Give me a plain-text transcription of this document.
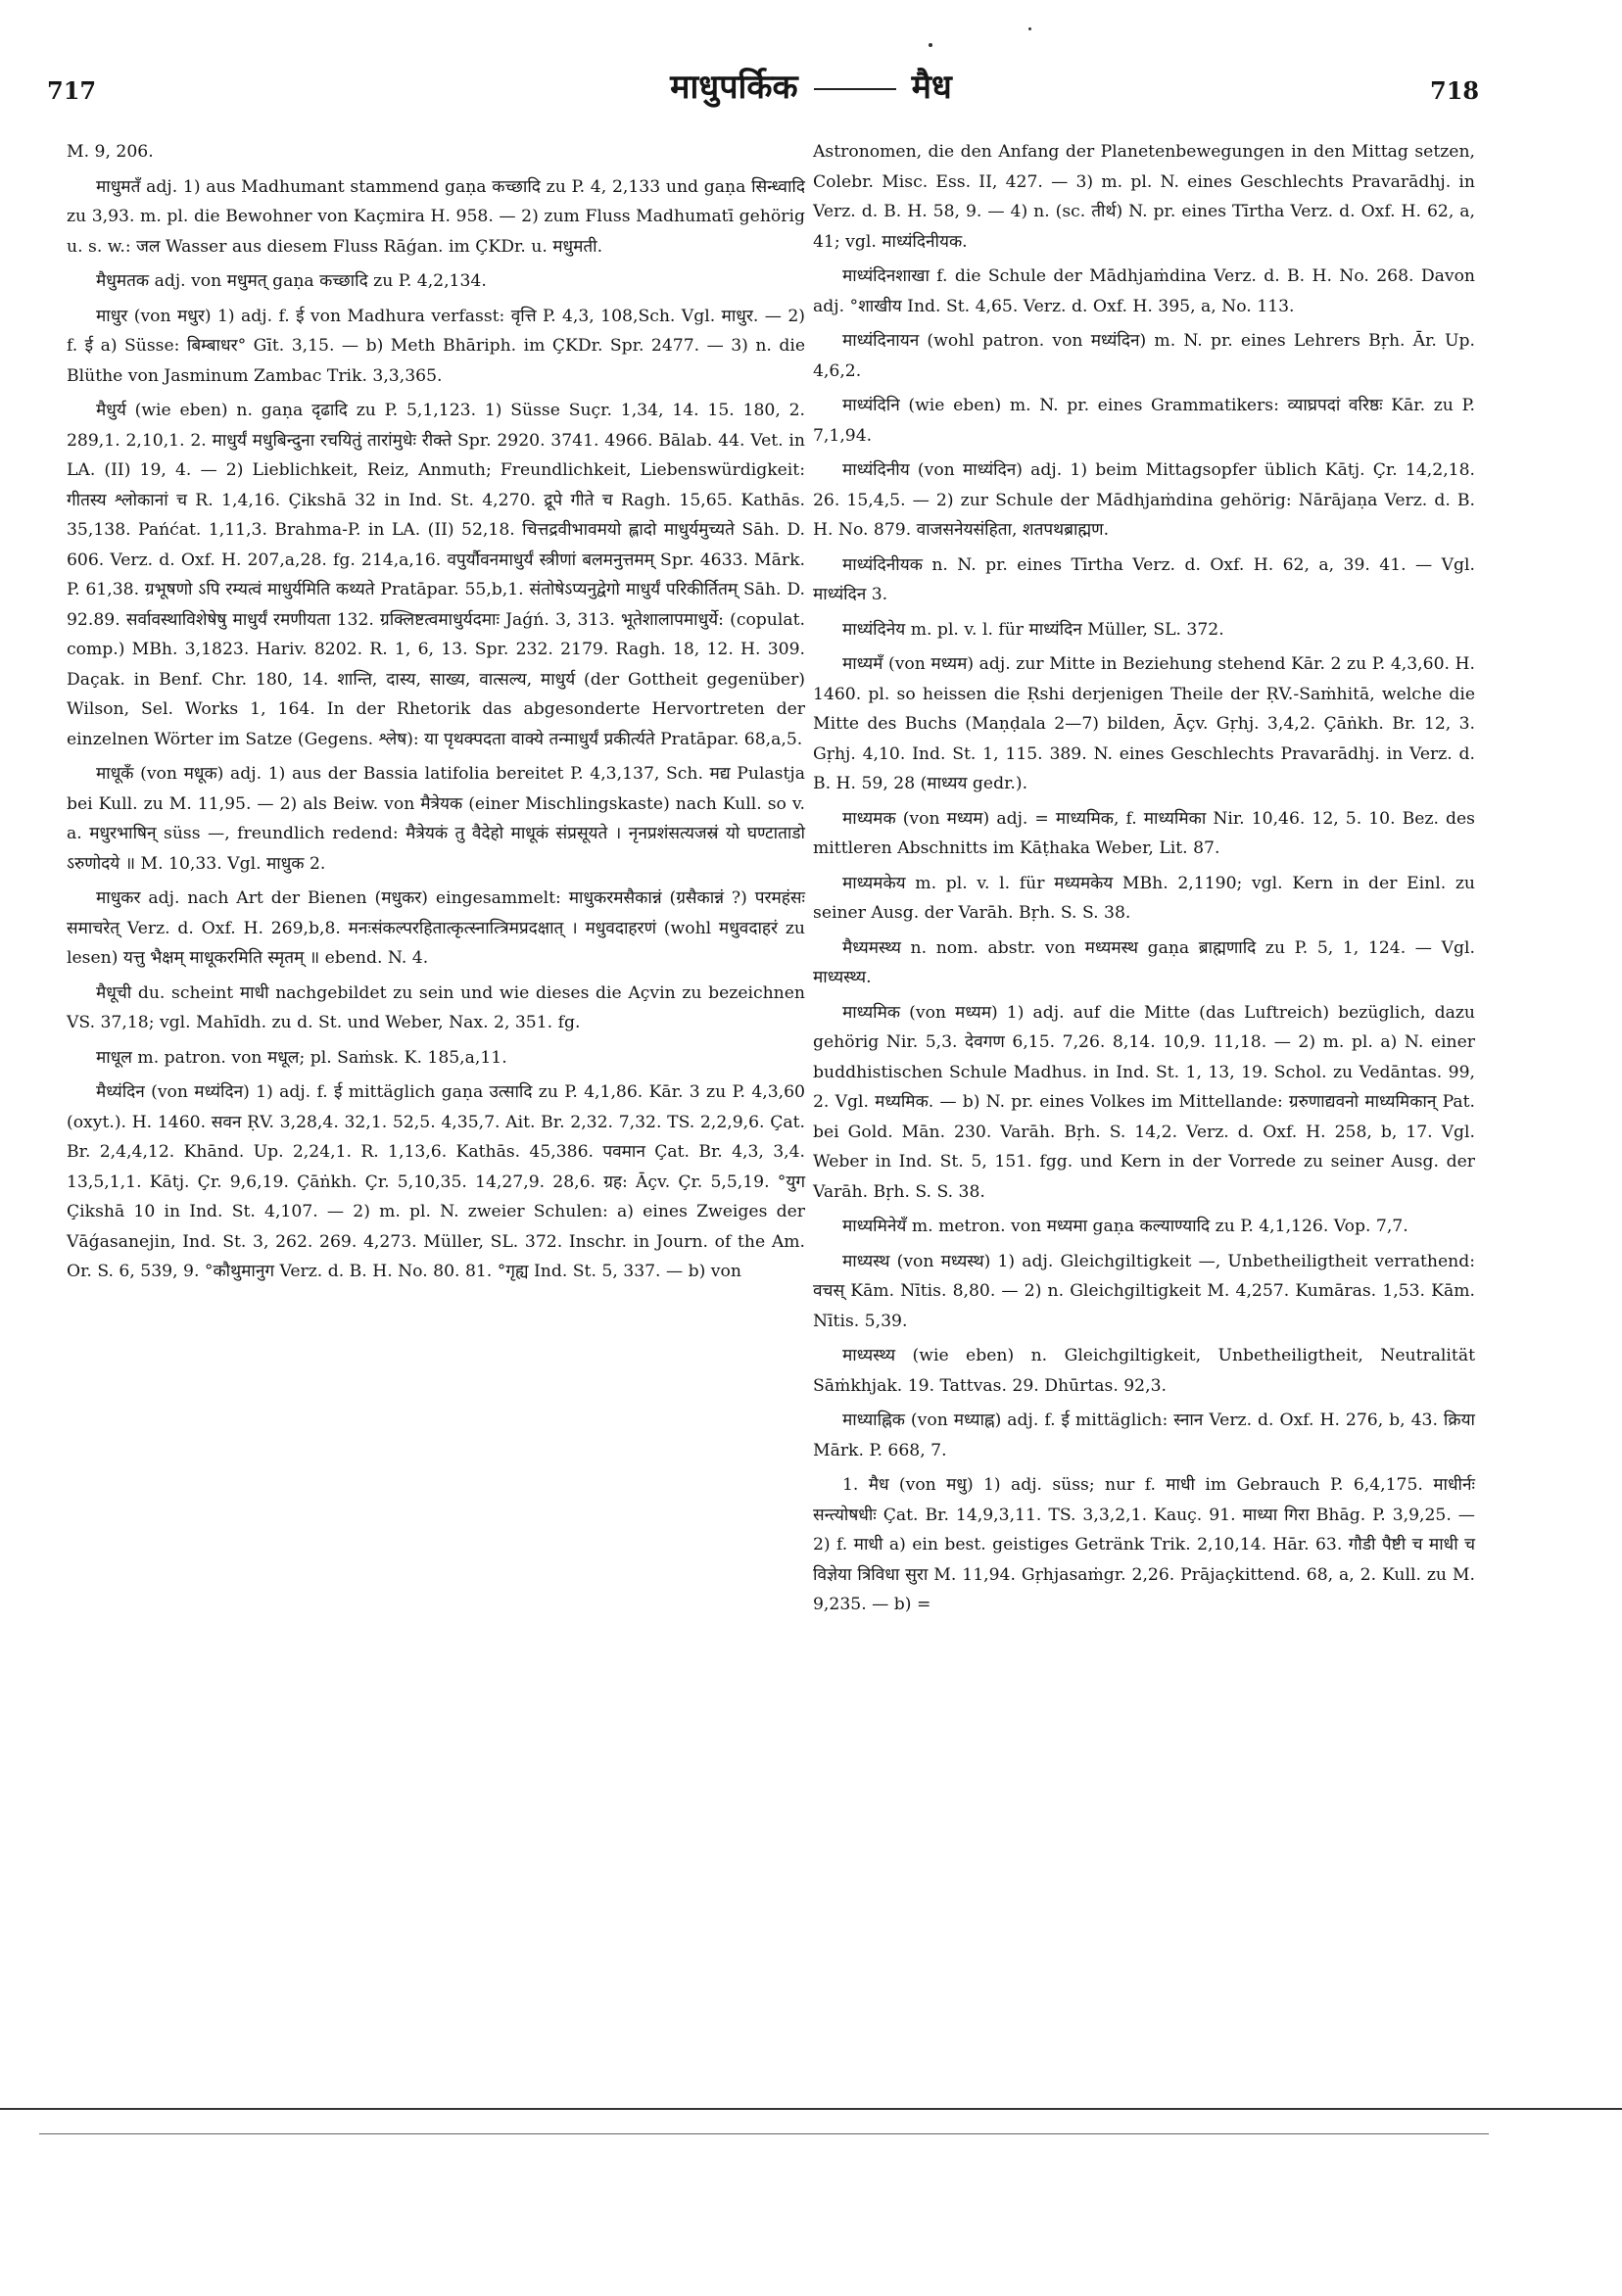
717	माधुपर्किक	मैध	718

M. 9, 206.

माधुमतँ adj. 1) aus Madhumant stammend gaṇa कच्छादि zu P. 4, 2,133 und gaṇa सिन्ध्वादि zu 3,93. m. pl. die Bewohner von Kaçmira H. 958. — 2) zum Fluss Madhumatī gehörig u. s. w.: जल Wasser aus diesem Fluss Rāǵan. im ÇKDr. u. मधुमती.

मैधुमतक adj. von मधुमत् gaṇa कच्छादि zu P. 4,2,134.

माधुर (von मधुर) 1) adj. f. ई von Madhura verfasst: वृत्ति P. 4,3, 108,Sch. Vgl. माधुर. — 2) f. ई a) Süsse: बिम्बाधर° Gīt. 3,15. — b) Meth Bhāriph. im ÇKDr. Spr. 2477. — 3) n. die Blüthe von Jasminum Zambac Trik. 3,3,365.

मैधुर्य (wie eben) n. gaṇa दृढादि zu P. 5,1,123. 1) Süsse Suçr. 1,34, 14. 15. 180, 2. 289,1. 2,10,1. 2. माधुर्यं मधुबिन्दुना रचयितुं तारांमुधेः रीक्ते Spr. 2920. 3741. 4966. Bālab. 44. Vet. in LA. (II) 19, 4. — 2) Lieblichkeit, Reiz, Anmuth; Freundlichkeit, Liebenswürdigkeit: गीतस्य श्लोकानां च R. 1,4,16. Çikshā 32 in Ind. St. 4,270. द्रूपे गीते च Ragh. 15,65. Kathās. 35,138. Pańćat. 1,11,3. Brahma-P. in LA. (II) 52,18. चित्तद्रवीभावमयो ह्लादो माधुर्यमुच्यते Sāh. D. 606. Verz. d. Oxf. H. 207,a,28. fg. 214,a,16. वपुर्यौवनमाधुर्यं स्त्रीणां बलमनुत्तमम् Spr. 4633. Mārk. P. 61,38. ग्रभूषणो ऽपि रम्यत्वं माधुर्यमिति कथ्यते Pratāpar. 55,b,1. संतोषेऽप्यनुद्वेगो माधुर्यं परिकीर्तितम् Sāh. D. 92.89. सर्वावस्थाविशेषेषु माधुर्यं रमणीयता 132. ग्रक्लिष्टत्वमाधुर्यदमाः Jaǵń. 3, 313. भूतेशालापमाधुर्ये: (copulat. comp.) MBh. 3,1823. Hariv. 8202. R. 1, 6, 13. Spr. 232. 2179. Ragh. 18, 12. H. 309. Daçak. in Benf. Chr. 180, 14. शान्ति, दास्य, साख्य, वात्सल्य, माधुर्य (der Gottheit gegenüber) Wilson, Sel. Works 1, 164. In der Rhetorik das abgesonderte Hervortreten der einzelnen Wörter im Satze (Gegens. श्लेष): या पृथक्पदता वाक्ये तन्माधुर्यं प्रकीर्त्यते Pratāpar. 68,a,5.

माधूकँ (von मधूक) adj. 1) aus der Bassia latifolia bereitet P. 4,3,137, Sch. मद्य Pulastja bei Kull. zu M. 11,95. — 2) als Beiw. von मैत्रेयक (einer Mischlingskaste) nach Kull. so v. a. मधुरभाषिन् süss —, freundlich redend: मैत्रेयकं तु वैदेहो माधूकं संप्रसूयते । नृनप्रशंसत्यजस्रं यो घण्टाताडो ऽरुणोदये ॥ M. 10,33. Vgl. माधुक 2.

माधुकर adj. nach Art der Bienen (मधुकर) eingesammelt: माधुकरमसैकान्नं (ग्रसैकान्नं ?) परमहंसः समाचरेत् Verz. d. Oxf. H. 269,b,8. मनःसंकल्परहितात्कृत्स्नात्त्रिमप्रदक्षात् । मधुवदाहरणं (wohl मधुवदाहरं zu lesen) यत्तु भैक्षम् माधूकरमिति स्मृतम् ॥ ebend. N. 4.

मैधूची du. scheint माधी nachgebildet zu sein und wie dieses die Açvin zu bezeichnen VS. 37,18; vgl. Mahīdh. zu d. St. und Weber, Nax. 2, 351. fg.

माधूल m. patron. von मधूल; pl. Saṁsk. K. 185,a,11.

मैध्यंदिन (von मध्यंदिन) 1) adj. f. ई mittäglich gaṇa उत्सादि zu P. 4,1,86. Kār. 3 zu P. 4,3,60 (oxyt.). H. 1460. सवन ṚV. 3,28,4. 32,1. 52,5. 4,35,7. Ait. Br. 2,32. 7,32. TS. 2,2,9,6. Çat. Br. 2,4,4,12. Khānd. Up. 2,24,1. R. 1,13,6. Kathās. 45,386. पवमान Çat. Br. 4,3, 3,4. 13,5,1,1. Kātj. Çr. 9,6,19. Çāṅkh. Çr. 5,10,35. 14,27,9. 28,6. ग्रह: Āçv. Çr. 5,5,19. °युग Çikshā 10 in Ind. St. 4,107. — 2) m. pl. N. zweier Schulen: a) eines Zweiges der Vāǵasanejin, Ind. St. 3, 262. 269. 4,273. Müller, SL. 372. Inschr. in Journ. of the Am. Or. S. 6, 539, 9. °कौथुमानुग Verz. d. B. H. No. 80. 81. °गृह्य Ind. St. 5, 337. — b) von

Astronomen, die den Anfang der Planetenbewegungen in den Mittag setzen, Colebr. Misc. Ess. II, 427. — 3) m. pl. N. eines Geschlechts Pravarādhj. in Verz. d. B. H. 58, 9. — 4) n. (sc. तीर्थ) N. pr. eines Tīrtha Verz. d. Oxf. H. 62, a, 41; vgl. माध्यंदिनीयक.

माध्यंदिनशाखा f. die Schule der Mādhjaṁdina Verz. d. B. H. No. 268. Davon adj. °शाखीय Ind. St. 4,65. Verz. d. Oxf. H. 395, a, No. 113.

माध्यंदिनायन (wohl patron. von मध्यंदिन) m. N. pr. eines Lehrers Bṛh. Ār. Up. 4,6,2.

माध्यंदिनि (wie eben) m. N. pr. eines Grammatikers: व्याघ्रपदां वरिष्ठः Kār. zu P. 7,1,94.

माध्यंदिनीय (von माध्यंदिन) adj. 1) beim Mittagsopfer üblich Kātj. Çr. 14,2,18. 26. 15,4,5. — 2) zur Schule der Mādhjaṁdina gehörig: Nārājaṇa Verz. d. B. H. No. 879. वाजसनेयसंहिता, शतपथब्राह्मण.

माध्यंदिनीयक n. N. pr. eines Tīrtha Verz. d. Oxf. H. 62, a, 39. 41. — Vgl. माध्यंदिन 3.

माध्यंदिनेय m. pl. v. l. für माध्यंदिन Müller, SL. 372.

माध्यमँ (von मध्यम) adj. zur Mitte in Beziehung stehend Kār. 2 zu P. 4,3,60. H. 1460. pl. so heissen die Ṛshi derjenigen Theile der ṚV.-Saṁhitā, welche die Mitte des Buchs (Maṇḍala 2—7) bilden, Āçv. Gṛhj. 3,4,2. Çāṅkh. Br. 12, 3. Gṛhj. 4,10. Ind. St. 1, 115. 389. N. eines Geschlechts Pravarādhj. in Verz. d. B. H. 59, 28 (माध्यय gedr.).

माध्यमक (von मध्यम) adj. = माध्यमिक, f. माध्यमिका Nir. 10,46. 12, 5. 10. Bez. des mittleren Abschnitts im Kāṭhaka Weber, Lit. 87.

माध्यमकेय m. pl. v. l. für मध्यमकेय MBh. 2,1190; vgl. Kern in der Einl. zu seiner Ausg. der Varāh. Bṛh. S. S. 38.

मैध्यमस्थ्य n. nom. abstr. von मध्यमस्थ gaṇa ब्राह्मणादि zu P. 5, 1, 124. — Vgl. माध्यस्थ्य.

माध्यमिक (von मध्यम) 1) adj. auf die Mitte (das Luftreich) bezüglich, dazu gehörig Nir. 5,3. देवगण 6,15. 7,26. 8,14. 10,9. 11,18. — 2) m. pl. a) N. einer buddhistischen Schule Madhus. in Ind. St. 1, 13, 19. Schol. zu Vedāntas. 99, 2. Vgl. मध्यमिक. — b) N. pr. eines Volkes im Mittellande: ग्ररुणाद्यवनो माध्यमिकान् Pat. bei Gold. Mān. 230. Varāh. Bṛh. S. 14,2. Verz. d. Oxf. H. 258, b, 17. Vgl. Weber in Ind. St. 5, 151. fgg. und Kern in der Vorrede zu seiner Ausg. der Varāh. Bṛh. S. S. 38.

माध्यमिनेयँ m. metron. von मध्यमा gaṇa कल्याण्यादि zu P. 4,1,126. Vop. 7,7.

माध्यस्थ (von मध्यस्थ) 1) adj. Gleichgiltigkeit —, Unbetheiligtheit verrathend: वचस् Kām. Nītis. 8,80. — 2) n. Gleichgiltigkeit M. 4,257. Kumāras. 1,53. Kām. Nītis. 5,39.

माध्यस्थ्य (wie eben) n. Gleichgiltigkeit, Unbetheiligtheit, Neutralität Sāṁkhjak. 19. Tattvas. 29. Dhūrtas. 92,3.

माध्याह्निक (von मध्याह्न) adj. f. ई mittäglich: स्नान Verz. d. Oxf. H. 276, b, 43. क्रिया Mārk. P. 668, 7.

1. मैध (von मधु) 1) adj. süss; nur f. माधी im Gebrauch P. 6,4,175. माधीर्नः सन्त्योषधीः Çat. Br. 14,9,3,11. TS. 3,3,2,1. Kauç. 91. माध्या गिरा Bhāg. P. 3,9,25. — 2) f. माधी a) ein best. geistiges Getränk Trik. 2,10,14. Hār. 63. गौडी पैष्टी च माधी च विज्ञेया त्रिविधा सुरा M. 11,94. Gṛhjasaṁgr. 2,26. Prājaçkittend. 68, a, 2. Kull. zu M. 9,235. — b) =
